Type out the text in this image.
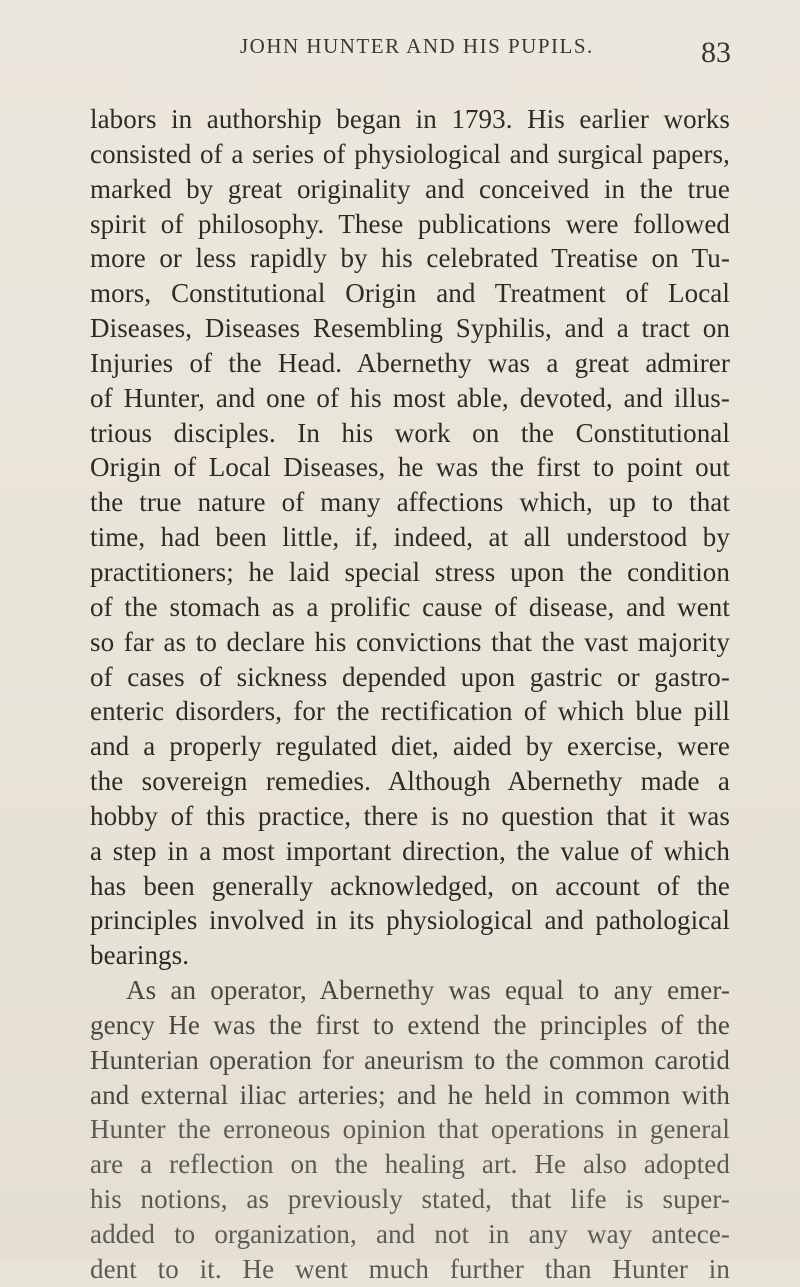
JOHN HUNTER AND HIS PUPILS.	83
labors in authorship began in 1793. His earlier works
consisted of a series of physiological and surgical papers,
marked by great originality and conceived in the true
spirit of philosophy. These publications were followed
more or less rapidly by his celebrated Treatise on Tu-
mors, Constitutional Origin and Treatment of Local
Diseases, Diseases Resembling Syphilis, and a tract on
Injuries of the Head. Abernethy was a great admirer
of Hunter, and one of his most able, devoted, and illus-
trious disciples. In his work on the Constitutional
Origin of Local Diseases, he was the first to point out
the true nature of many affections which, up to that
time, had been little, if, indeed, at all understood by
practitioners; he laid special stress upon the condition
of the stomach as a prolific cause of disease, and went
so far as to declare his convictions that the vast majority
of cases of sickness depended upon gastric or gastro-
enteric disorders, for the rectification of which blue pill
and a properly regulated diet, aided by exercise, were
the sovereign remedies. Although Abernethy made a
hobby of this practice, there is no question that it was
a step in a most important direction, the value of which
has been generally acknowledged, on account of the
principles involved in its physiological and pathological
bearings.
As an operator, Abernethy was equal to any emer-
gency He was the first to extend the principles of the
Hunterian operation for aneurism to the common carotid
and external iliac arteries; and he held in common with
Hunter the erroneous opinion that operations in general
are a reflection on the healing art. He also adopted
his notions, as previously stated, that life is super-
added to organization, and not in any way antece-
dent to it. He went much further than Hunter in
